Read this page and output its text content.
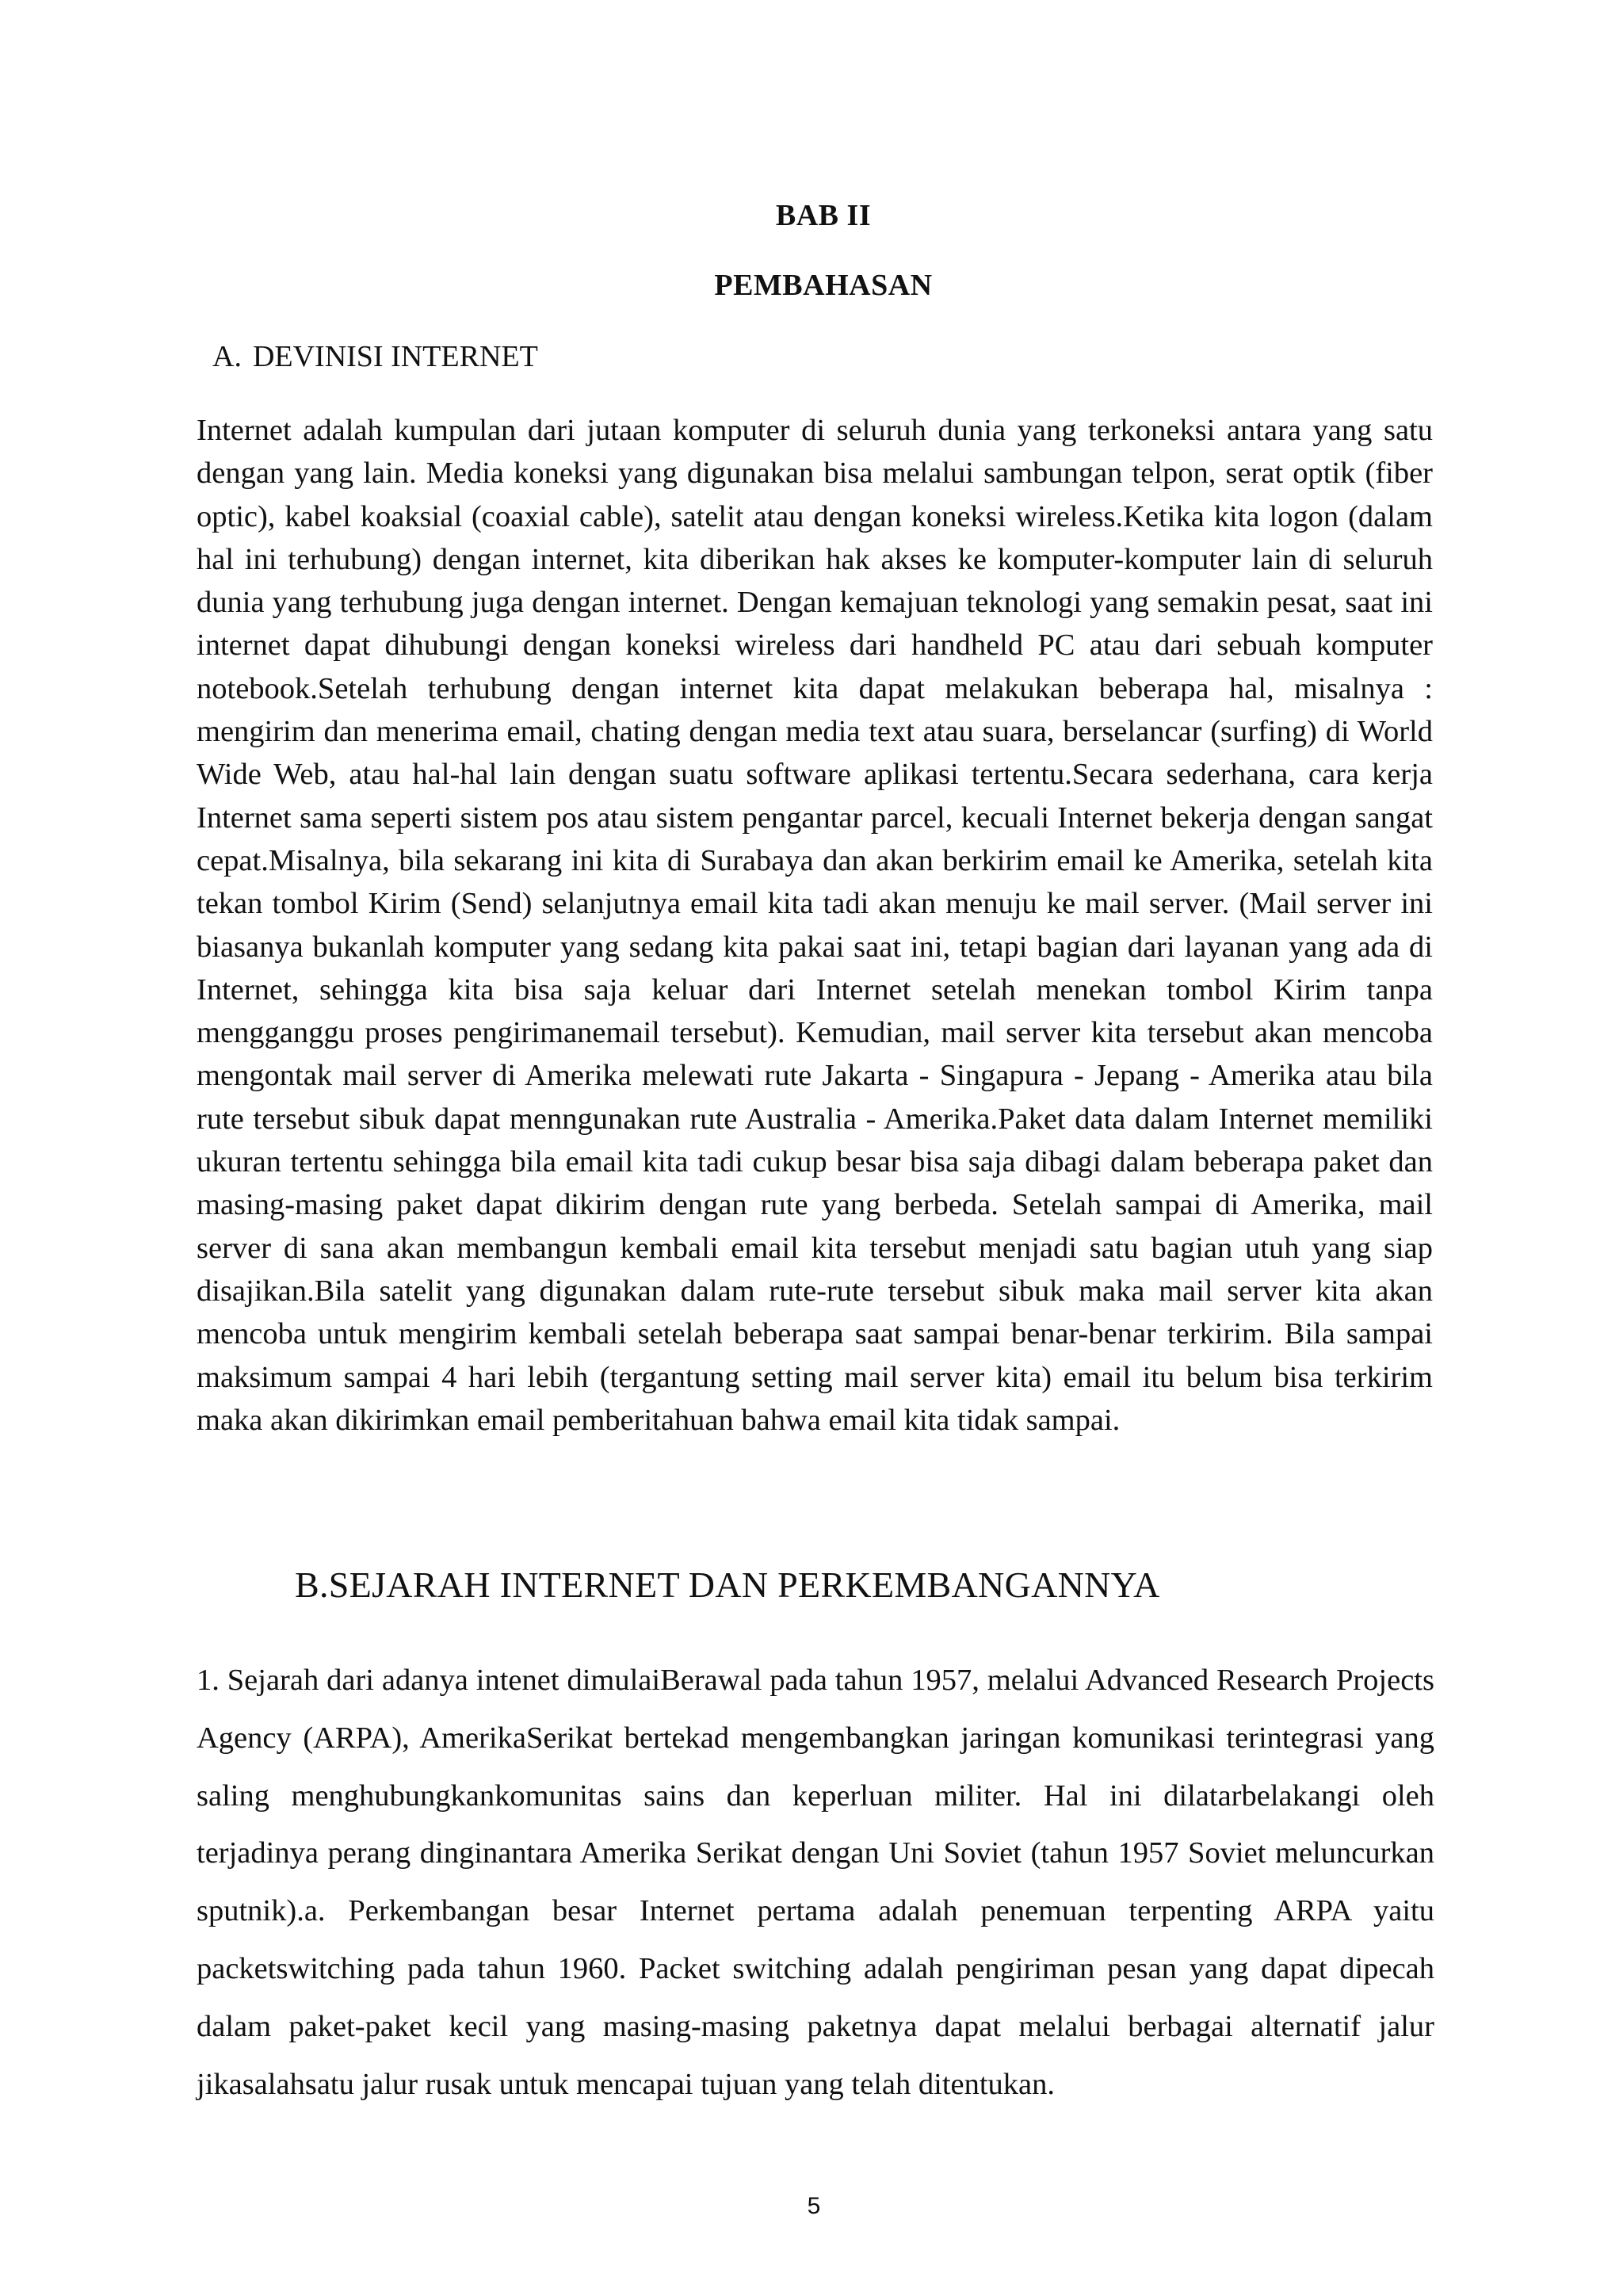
BAB II
PEMBAHASAN
A. DEVINISI INTERNET

Internet adalah kumpulan dari jutaan komputer di seluruh dunia yang terkoneksi antara yang satu dengan yang lain. Media koneksi yang digunakan bisa melalui sambungan telpon, serat optik (fiber optic), kabel koaksial (coaxial cable), satelit atau dengan koneksi wireless.Ketika kita logon (dalam hal ini terhubung) dengan internet, kita diberikan hak akses ke komputer-komputer lain di seluruh dunia yang terhubung juga dengan internet. Dengan kemajuan teknologi yang semakin pesat, saat ini internet dapat dihubungi dengan koneksi wireless dari handheld PC atau dari sebuah komputer notebook.Setelah terhubung dengan internet kita dapat melakukan beberapa hal, misalnya : mengirim dan menerima email, chating dengan media text atau suara, berselancar (surfing) di World Wide Web, atau hal-hal lain dengan suatu software aplikasi tertentu.Secara sederhana, cara kerja Internet sama seperti sistem pos atau sistem pengantar parcel, kecuali Internet bekerja dengan sangat cepat.Misalnya, bila sekarang ini kita di Surabaya dan akan berkirim email ke Amerika, setelah kita tekan tombol Kirim (Send) selanjutnya email kita tadi akan menuju ke mail server. (Mail server ini biasanya bukanlah komputer yang sedang kita pakai saat ini, tetapi bagian dari layanan yang ada di Internet, sehingga kita bisa saja keluar dari Internet setelah menekan tombol Kirim tanpa mengganggu proses pengirimanemail tersebut). Kemudian, mail server kita tersebut akan mencoba mengontak mail server di Amerika melewati rute Jakarta - Singapura - Jepang - Amerika atau bila rute tersebut sibuk dapat menngunakan rute Australia - Amerika.Paket data dalam Internet memiliki ukuran tertentu sehingga bila email kita tadi cukup besar bisa saja dibagi dalam beberapa paket dan masing-masing paket dapat dikirim dengan rute yang berbeda. Setelah sampai di Amerika, mail server di sana akan membangun kembali email kita tersebut menjadi satu bagian utuh yang siap disajikan.Bila satelit yang digunakan dalam rute-rute tersebut sibuk maka mail server kita akan mencoba untuk mengirim kembali setelah beberapa saat sampai benar-benar terkirim. Bila sampai maksimum sampai 4 hari lebih (tergantung setting mail server kita) email itu belum bisa terkirim maka akan dikirimkan email pemberitahuan bahwa email kita tidak sampai.

B.SEJARAH INTERNET DAN PERKEMBANGANNYA

1. Sejarah dari adanya intenet dimulaiBerawal pada tahun 1957, melalui Advanced Research Projects Agency (ARPA), AmerikaSerikat bertekad mengembangkan jaringan komunikasi terintegrasi yang saling menghubungkankomunitas sains dan keperluan militer. Hal ini dilatarbelakangi oleh terjadinya perang dinginantara Amerika Serikat dengan Uni Soviet (tahun 1957 Soviet meluncurkan sputnik).a. Perkembangan besar Internet pertama adalah penemuan terpenting ARPA yaitu packetswitching pada tahun 1960. Packet switching adalah pengiriman pesan yang dapat dipecah dalam paket-paket kecil yang masing-masing paketnya dapat melalui berbagai alternatif jalur jikasalahsatu jalur rusak untuk mencapai tujuan yang telah ditentukan.

5
